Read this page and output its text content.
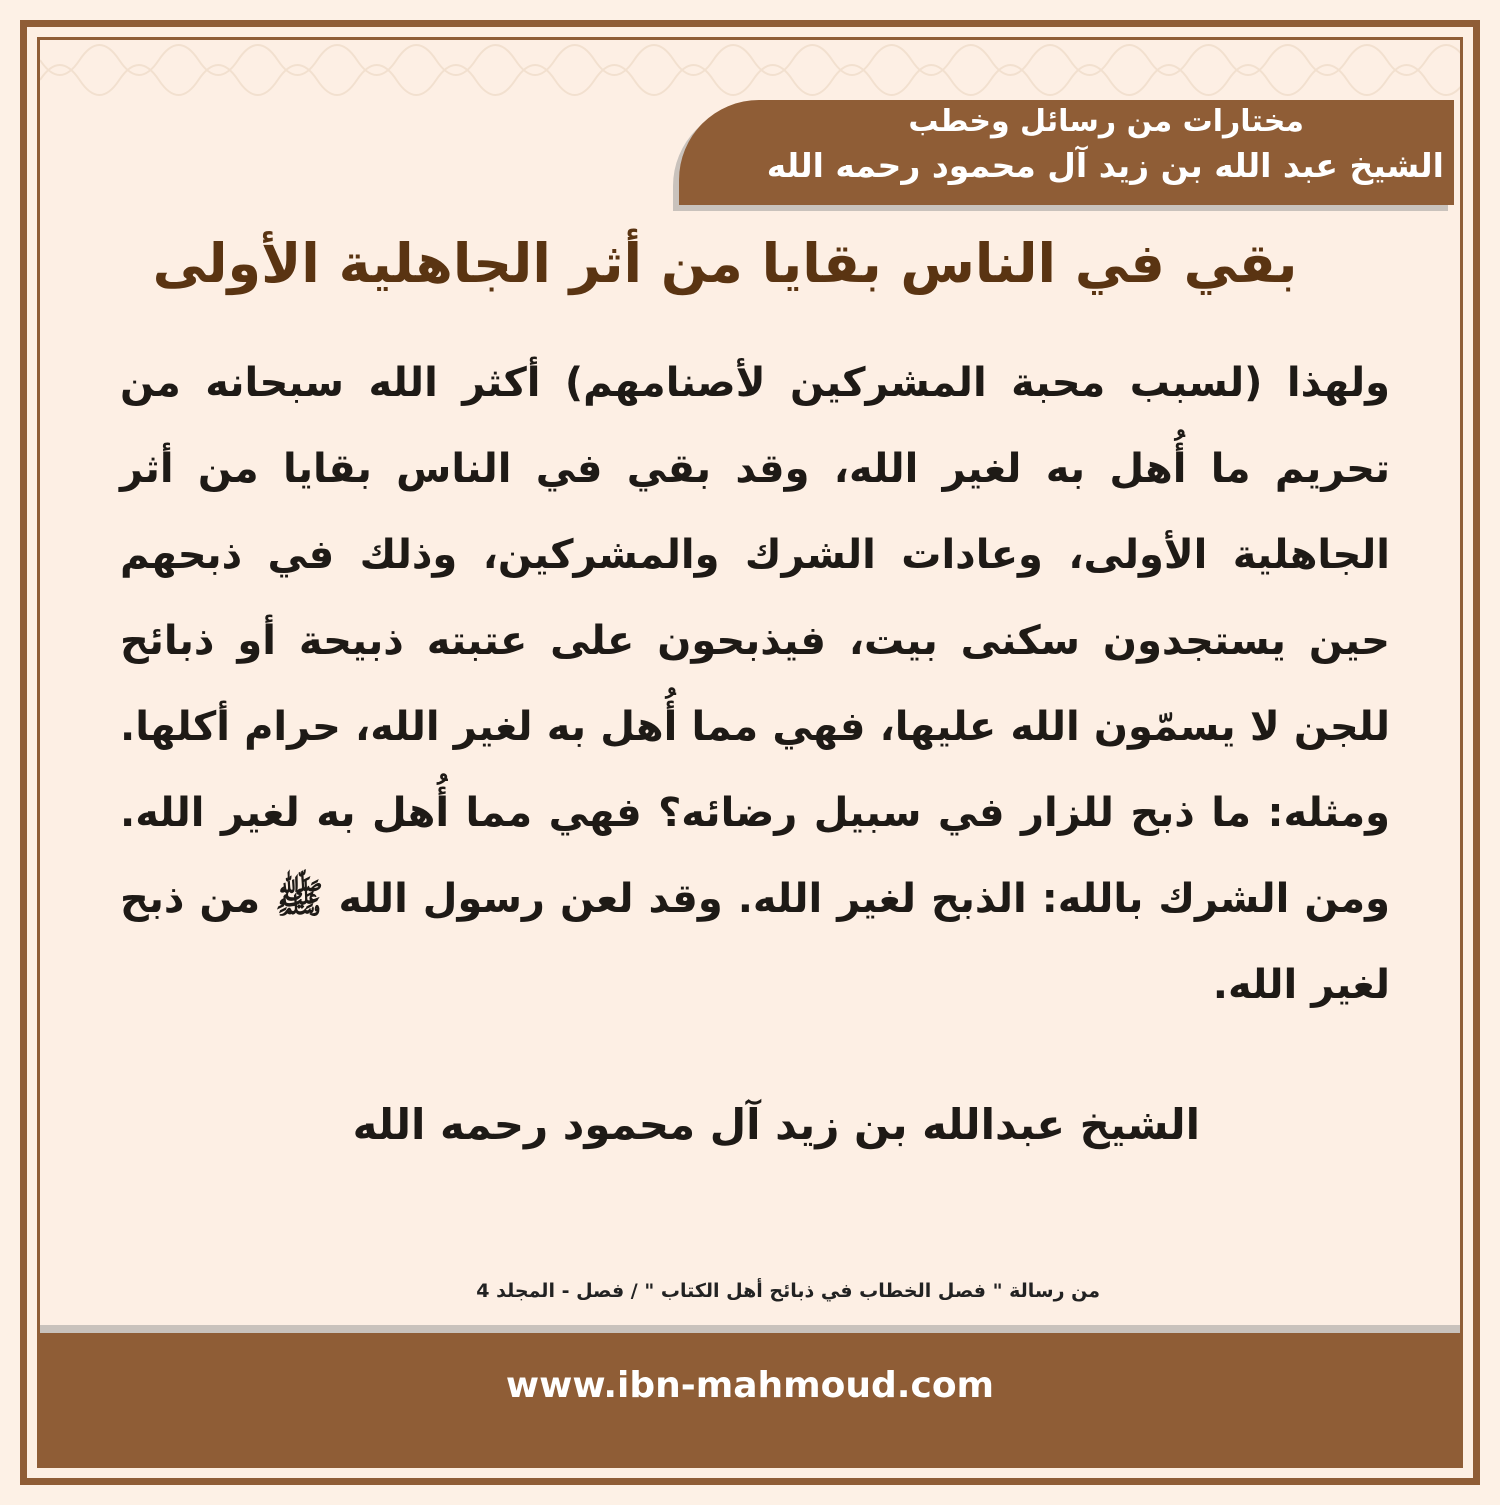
مختارات من رسائل وخطب
الشيخ عبد الله بن زيد آل محمود رحمه الله
بقي في الناس بقايا من أثر الجاهلية الأولى
ولهذا (لسبب محبة المشركين لأصنامهم) أكثر الله سبحانه من تحريم ما أُهل به لغير الله، وقد بقي في الناس بقايا من أثر الجاهلية الأولى، وعادات الشرك والمشركين، وذلك في ذبحهم حين يستجدون سكنى بيت، فيذبحون على عتبته ذبيحة أو ذبائح للجن لا يسمّون الله عليها، فهي مما أُهل به لغير الله، حرام أكلها. ومثله: ما ذبح للزار في سبيل رضائه؟ فهي مما أُهل به لغير الله. ومن الشرك بالله: الذبح لغير الله. وقد لعن رسول الله ﷺ من ذبح لغير الله.
الشيخ عبدالله بن زيد آل محمود رحمه الله
من رسالة " فصل الخطاب في ذبائح أهل الكتاب " / فصل - المجلد 4
www.ibn-mahmoud.com
